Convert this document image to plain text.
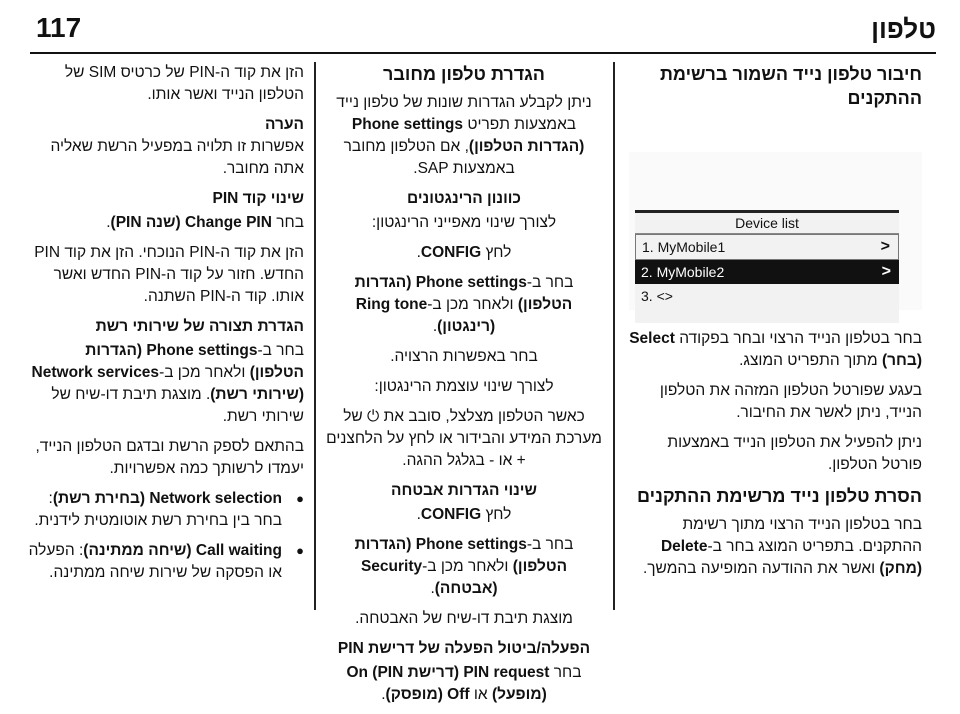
טלפון
117
חיבור טלפון נייד השמור ברשימת ההתקנים
Device list
1. MyMobile1	>
2. MyMobile2	>
3. <>

בחר בטלפון הנייד הרצוי ובחר בפקודה Select (בחר) מתוך התפריט המוצג.

בעגע שפורטל הטלפון המזהה את הטלפון הנייד, ניתן לאשר את החיבור.

ניתן להפעיל את הטלפון הנייד באמצעות פורטל הטלפון.

הסרת טלפון נייד מרשימת ההתקנים

בחר בטלפון הנייד הרצוי מתוך רשימת ההתקנים. בתפריט המוצג בחר ב-Delete (מחק) ואשר את ההודעה המופיעה בהמשך.

הגדרת טלפון מחובר

ניתן לקבלע הגדרות שונות של טלפון נייד באמצעות תפריט Phone settings (הגדרות הטלפון), אם הטלפון מחובר באמצעות SAP.

כוונון הרינגטונים

לצורך שינוי מאפייני הרינגטון:

לחץ CONFIG.

בחר ב-Phone settings (הגדרות הטלפון) ולאחר מכן ב-Ring tone (רינגטון).

בחר באפשרות הרצויה.

לצורך שינוי עוצמת הרינגטון:

כאשר הטלפון מצלצל, סובב את ⏻ של מערכת המידע והבידור או לחץ על הלחצנים + או - בגלגל ההגה.

שינוי הגדרות אבטחה

לחץ CONFIG.

בחר ב-Phone settings (הגדרות הטלפון) ולאחר מכן ב-Security (אבטחה).

מוצגת תיבת דו-שיח של האבטחה.

הפעלה/ביטול הפעלה של דרישת PIN

בחר PIN request (דרישת PIN) On (מופעל) או Off (מופסק).

הזן את קוד ה-PIN של כרטיס SIM של הטלפון הנייד ואשר אותו.

הערה

אפשרות זו תלויה במפעיל הרשת שאליה אתה מחובר.

שינוי קוד PIN

בחר Change PIN (שנה PIN).

הזן את קוד ה-PIN הנוכחי. הזן את קוד PIN החדש. חזור על קוד ה-PIN החדש ואשר אותו. קוד ה-PIN השתנה.

הגדרת תצורה של שירותי רשת

בחר ב-Phone settings (הגדרות הטלפון) ולאחר מכן ב-Network services (שירותי רשת). מוצגת תיבת דו-שיח של שירותי רשת.

בהתאם לספק הרשת ובדגם הטלפון הנייד, יעמדו לרשותך כמה אפשרויות.

● Network selection (בחירת רשת): בחר בין בחירת רשת אוטומטית לידנית.

● Call waiting (שיחה ממתינה): הפעלה או הפסקה של שירות שיחה ממתינה.
